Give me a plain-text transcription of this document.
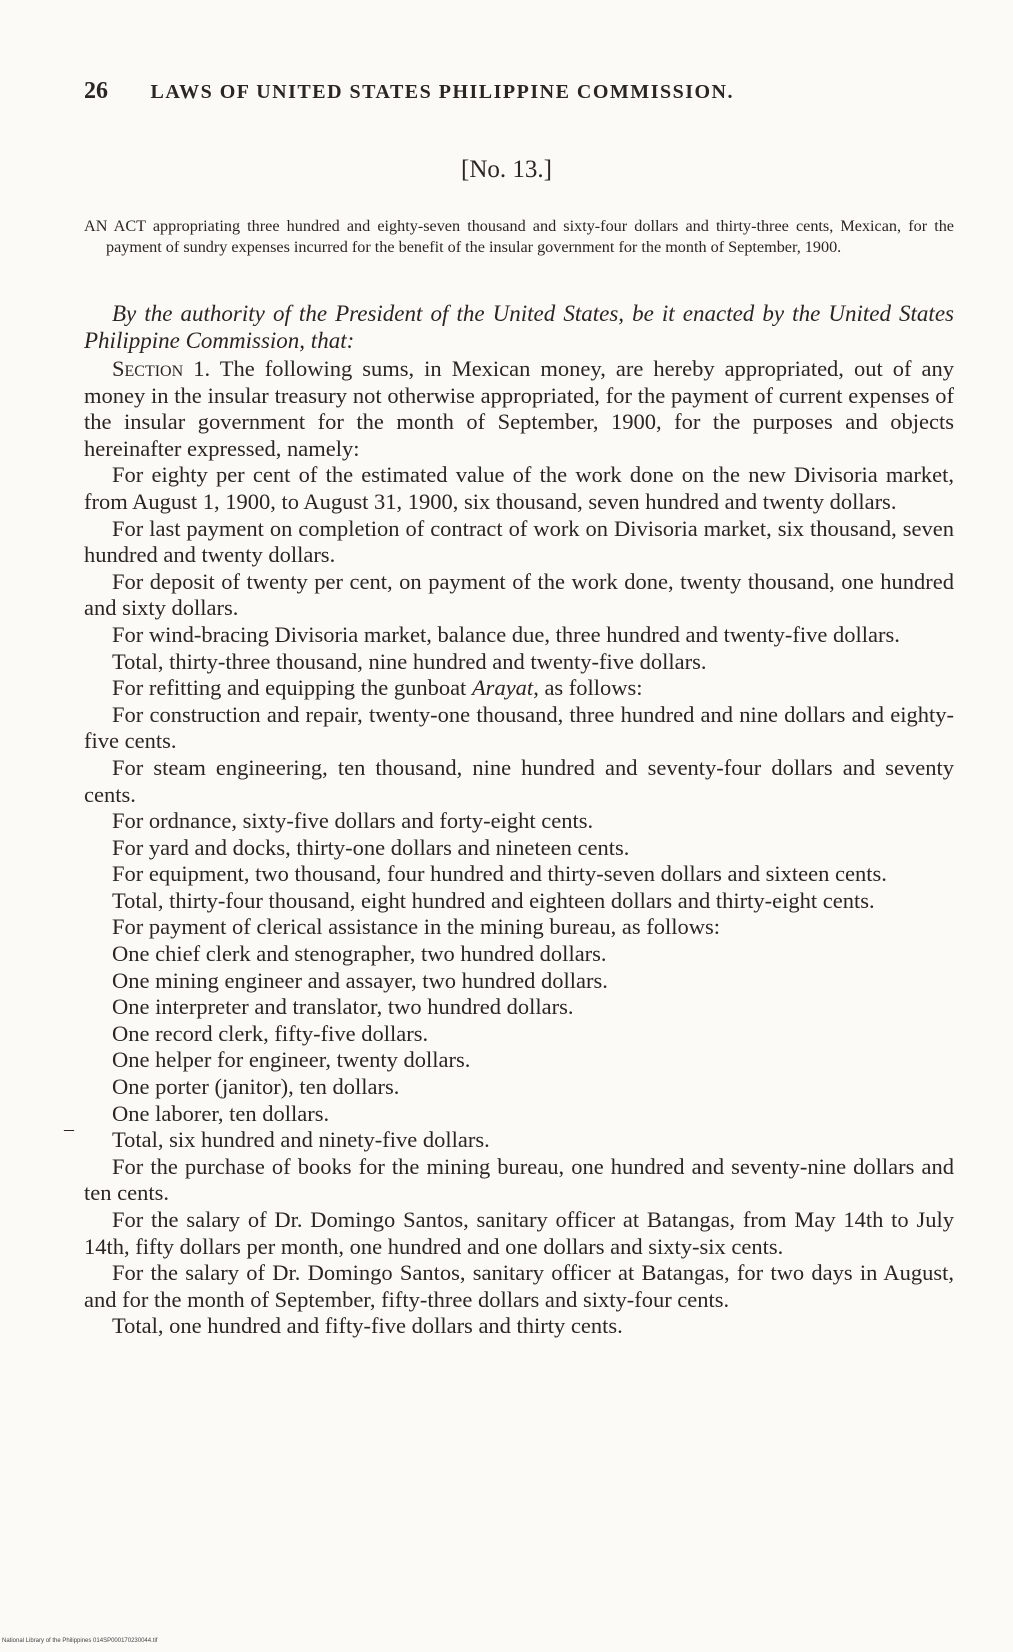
26 LAWS OF UNITED STATES PHILIPPINE COMMISSION.
[No. 13.]
AN ACT appropriating three hundred and eighty-seven thousand and sixty-four dollars and thirty-three cents, Mexican, for the payment of sundry expenses incurred for the benefit of the insular government for the month of September, 1900.
By the authority of the President of the United States, be it enacted by the United States Philippine Commission, that:

Section 1. The following sums, in Mexican money, are hereby appropriated, out of any money in the insular treasury not otherwise appropriated, for the payment of current expenses of the insular government for the month of September, 1900, for the purposes and objects hereinafter expressed, namely:

For eighty per cent of the estimated value of the work done on the new Divisoria market, from August 1, 1900, to August 31, 1900, six thousand, seven hundred and twenty dollars.

For last payment on completion of contract of work on Divisoria market, six thousand, seven hundred and twenty dollars.

For deposit of twenty per cent, on payment of the work done, twenty thousand, one hundred and sixty dollars.

For wind-bracing Divisoria market, balance due, three hundred and twenty-five dollars.

Total, thirty-three thousand, nine hundred and twenty-five dollars.

For refitting and equipping the gunboat Arayat, as follows:

For construction and repair, twenty-one thousand, three hundred and nine dollars and eighty-five cents.

For steam engineering, ten thousand, nine hundred and seventy-four dollars and seventy cents.

For ordnance, sixty-five dollars and forty-eight cents.

For yard and docks, thirty-one dollars and nineteen cents.

For equipment, two thousand, four hundred and thirty-seven dollars and sixteen cents.

Total, thirty-four thousand, eight hundred and eighteen dollars and thirty-eight cents.

For payment of clerical assistance in the mining bureau, as follows:

One chief clerk and stenographer, two hundred dollars.

One mining engineer and assayer, two hundred dollars.

One interpreter and translator, two hundred dollars.

One record clerk, fifty-five dollars.

One helper for engineer, twenty dollars.

One porter (janitor), ten dollars.

One laborer, ten dollars.

Total, six hundred and ninety-five dollars.

For the purchase of books for the mining bureau, one hundred and seventy-nine dollars and ten cents.

For the salary of Dr. Domingo Santos, sanitary officer at Batangas, from May 14th to July 14th, fifty dollars per month, one hundred and one dollars and sixty-six cents.

For the salary of Dr. Domingo Santos, sanitary officer at Batangas, for two days in August, and for the month of September, fifty-three dollars and sixty-four cents.

Total, one hundred and fifty-five dollars and thirty cents.

–
National Library of the Philippines 014SP000170230044.tif
